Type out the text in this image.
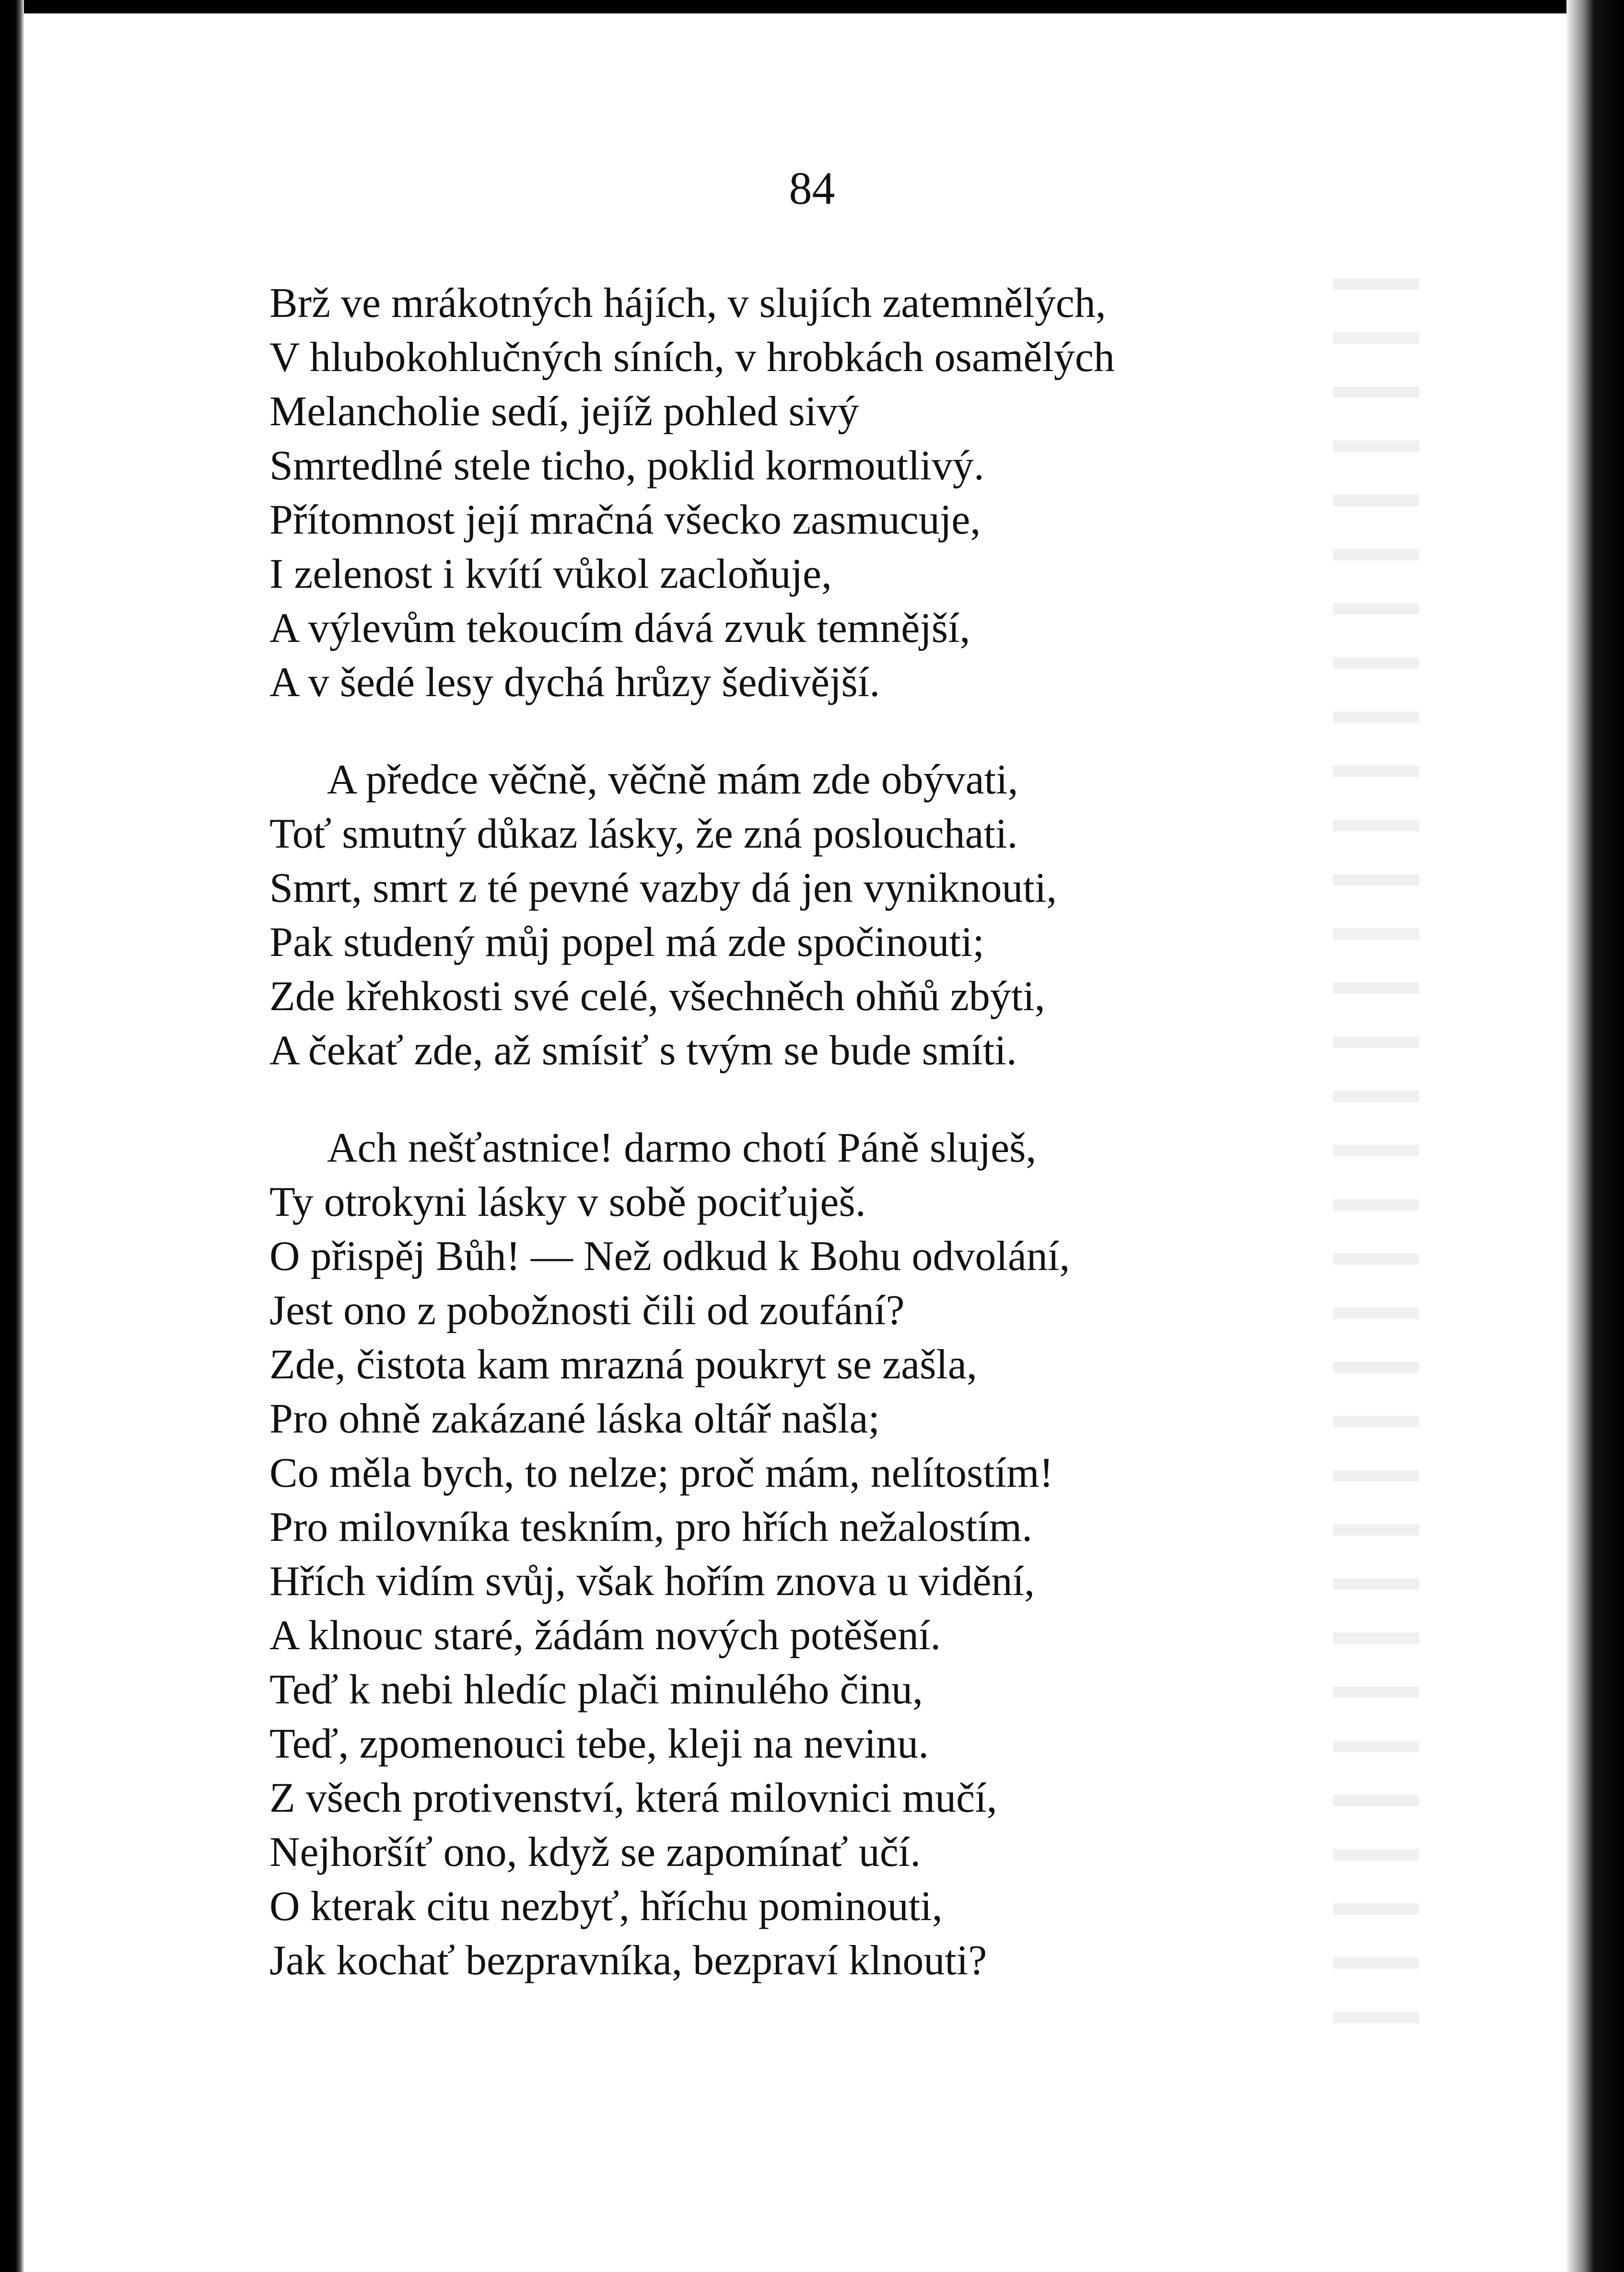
84

Brž ve mrákotných hájích, v slujích zatemnělých,
V hlubokohlučných síních, v hrobkách osamělých
Melancholie sedí, jejíž pohled sivý
Smrtedlné stele ticho, poklid kormoutlivý.
Přítomnost její mračná všecko zasmucuje,
I zelenost i kvítí vůkol zacloňuje,
A výlevům tekoucím dává zvuk temnější,
A v šedé lesy dychá hrůzy šedivější.
A předce věčně, věčně mám zde obývati,
Toť smutný důkaz lásky, že zná poslouchati.
Smrt, smrt z té pevné vazby dá jen vyniknouti,
Pak studený můj popel má zde spočinouti;
Zde křehkosti své celé, všechněch ohňů zbýti,
A čekať zde, až smísiť s tvým se bude smíti.
Ach nešťastnice! darmo chotí Páně sluješ,
Ty otrokyni lásky v sobě pociťuješ.
O přispěj Bůh! — Než odkud k Bohu odvolání,
Jest ono z pobožnosti čili od zoufání?
Zde, čistota kam mrazná poukryt se zašla,
Pro ohně zakázané láska oltář našla;
Co měla bych, to nelze; proč mám, nelítostím!
Pro milovníka teskním, pro hřích nežalostím.
Hřích vidím svůj, však hořím znova u vidění,
A klnouc staré, žádám nových potěšení.
Teď k nebi hledíc plači minulého činu,
Teď, zpomenouci tebe, kleji na nevinu.
Z všech protivenství, která milovnici mučí,
Nejhoršíť ono, když se zapomínať učí.
O kterak citu nezbyť, hříchu pominouti,
Jak kochať bezpravníka, bezpraví klnouti?
